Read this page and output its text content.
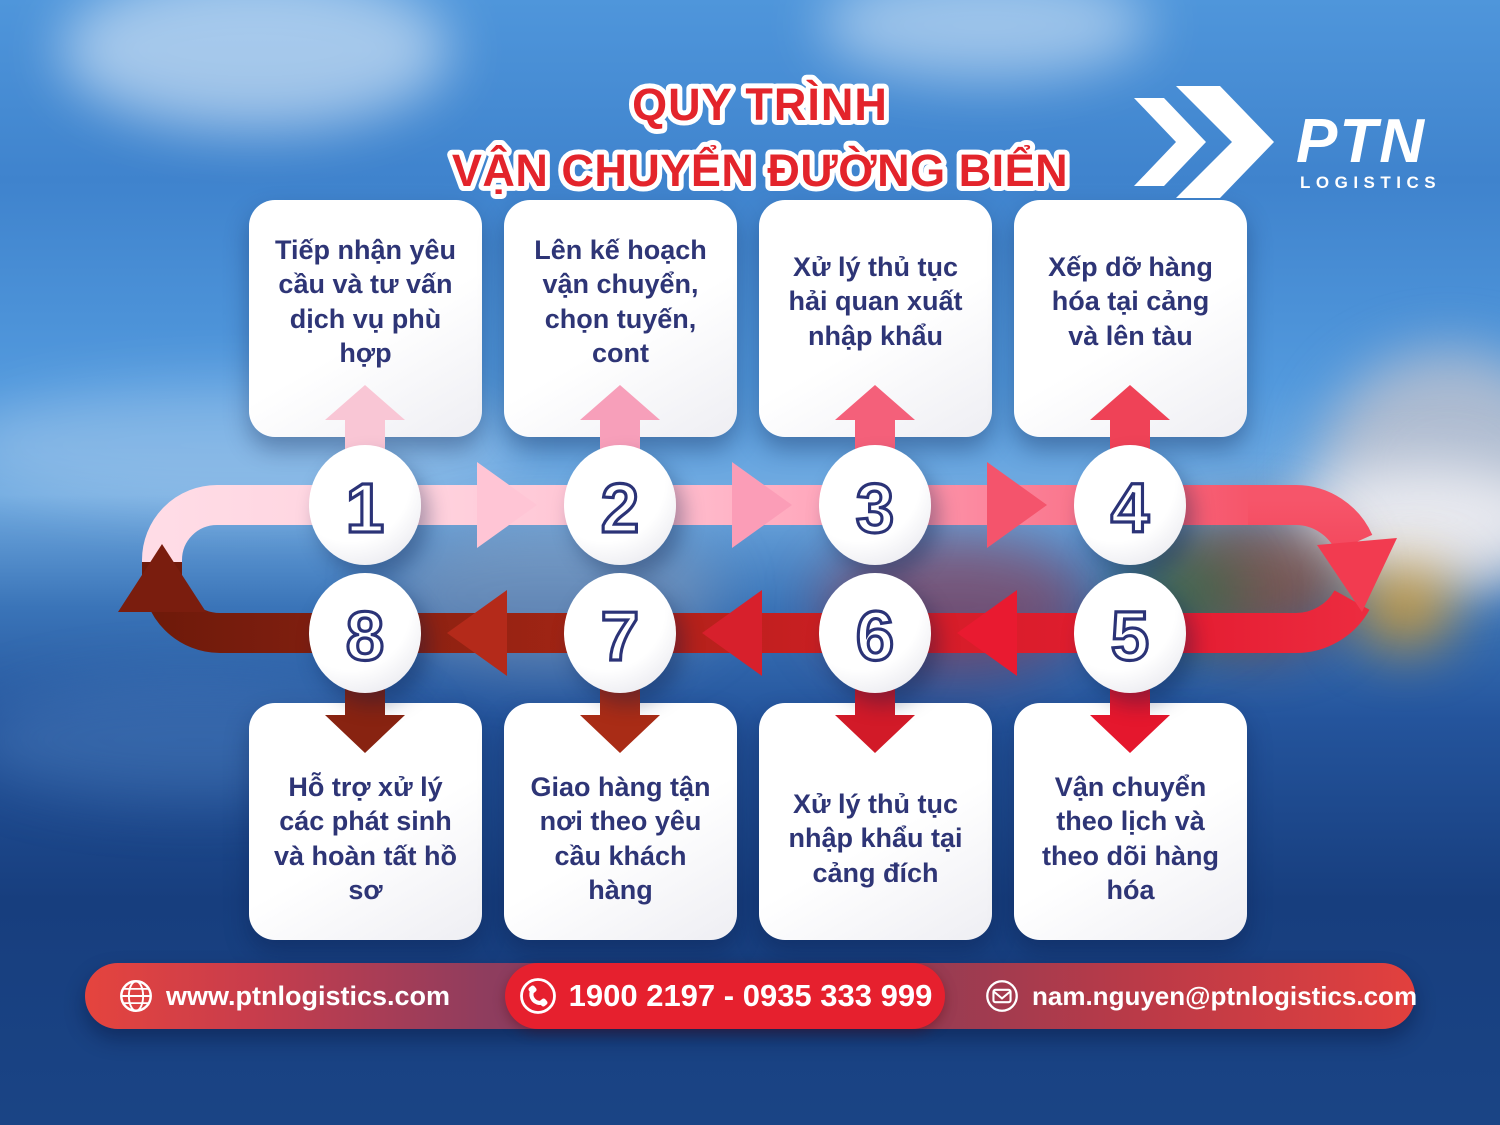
QUY TRÌNH
VẬN CHUYỂN ĐƯỜNG BIỂN	PTN
LOGISTICS
Tiếp nhận yêu cầu và tư vấn dịch vụ phù hợp
Lên kế hoạch vận chuyển, chọn tuyến, cont
Xử lý thủ tục hải quan xuất nhập khẩu
Xếp dỡ hàng hóa tại cảng và lên tàu
Hỗ trợ xử lý các phát sinh và hoàn tất hồ sơ
Giao hàng tận nơi theo yêu cầu khách hàng
Xử lý thủ tục nhập khẩu tại cảng đích
Vận chuyển theo lịch và theo dõi hàng hóa
1	2	3	4
8	7	6	5
www.ptnlogistics.com	1900 2197 - 0935 333 999	nam.nguyen@ptnlogistics.com
